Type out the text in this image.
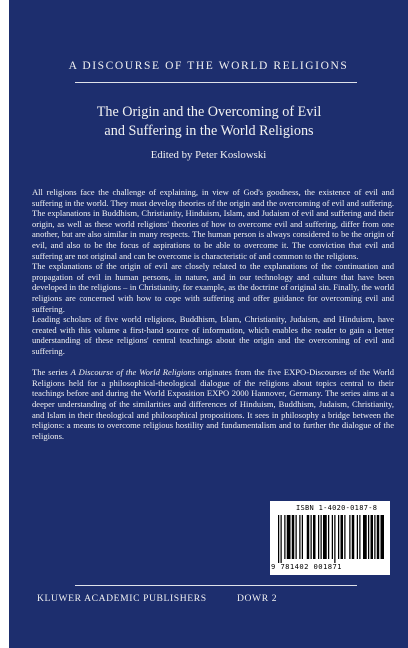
A DISCOURSE OF THE WORLD RELIGIONS
The Origin and the Overcoming of Evil
and Suffering in the World Religions
Edited by Peter Koslowski

All religions face the challenge of explaining, in view of God's goodness, the existence of evil and suffering in the world. They must develop theories of the origin and the overcoming of evil and suffering. The explanations in Buddhism, Christianity, Hinduism, Islam, and Judaism of evil and suffering and their origin, as well as these world religions' theories of how to overcome evil and suffering, differ from one another, but are also similar in many respects. The human person is always considered to be the origin of evil, and also to be the focus of aspirations to be able to overcome it. The conviction that evil and suffering are not original and can be overcome is characteristic of and common to the religions.

The explanations of the origin of evil are closely related to the explanations of the continuation and propagation of evil in human persons, in nature, and in our technology and culture that have been developed in the religions – in Christianity, for example, as the doctrine of original sin. Finally, the world religions are concerned with how to cope with suffering and offer guidance for overcoming evil and suffering.

Leading scholars of five world religions, Buddhism, Islam, Christianity, Judaism, and Hinduism, have created with this volume a first-hand source of information, which enables the reader to gain a better understanding of these religions' central teachings about the origin and the overcoming of evil and suffering.

The series A Discourse of the World Religions originates from the five EXPO-Discourses of the World Religions held for a philosophical-theological dialogue of the religions about topics central to their teachings before and during the World Exposition EXPO 2000 Hannover, Germany. The series aims at a deeper understanding of the similarities and differences of Hinduism, Buddhism, Judaism, Christianity, and Islam in their theological and philosophical propositions. It sees in philosophy a bridge between the religions: a means to overcome religious hostility and fundamentalism and to further the dialogue of the religions.

ISBN 1-4020-0187-8
9 781402 001871
KLUWER ACADEMIC PUBLISHERS	DOWR 2
